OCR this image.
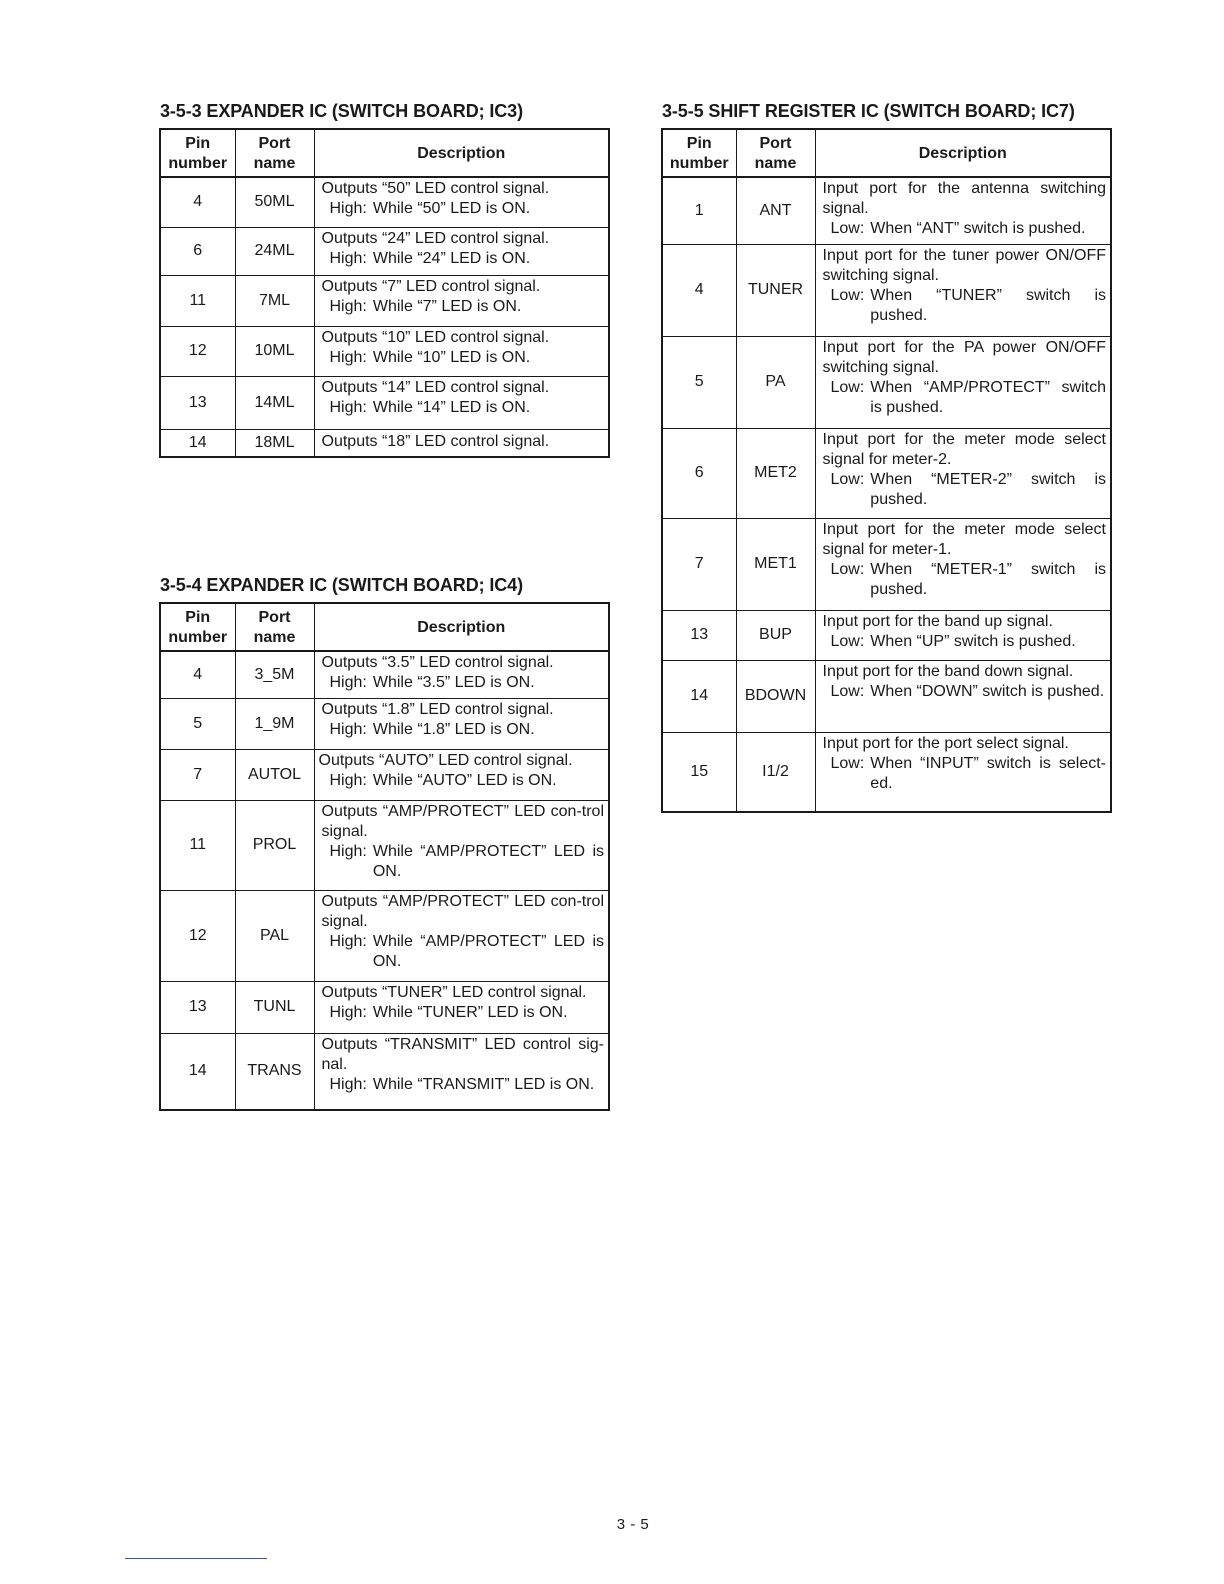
3-5-3 EXPANDER IC (SWITCH BOARD; IC3)
Pin
number	Port
name	Description
4	50ML	Outputs “50” LED control signal.
High: While “50” LED is ON.

6	24ML	Outputs “24” LED control signal.
High: While “24” LED is ON.

11	7ML	Outputs “7” LED control signal.
High: While “7” LED is ON.

12	10ML	Outputs “10” LED control signal.
High: While “10” LED is ON.

13	14ML	Outputs “14” LED control signal.
High: While “14” LED is ON.

14	18ML	Outputs “18” LED control signal.
3-5-4 EXPANDER IC (SWITCH BOARD; IC4)
Pin
number	Port
name	Description
4	3_5M	Outputs “3.5” LED control signal.
High: While “3.5” LED is ON.

5	1_9M	Outputs “1.8” LED control signal.
High: While “1.8” LED is ON.

7	AUTOL	Outputs “AUTO” LED control signal.
High: While “AUTO” LED is ON.

11	PROL	Outputs “AMP/PROTECT” LED con-trol signal.
High: While “AMP/PROTECT” LED is ON.

12	PAL	Outputs “AMP/PROTECT” LED con-trol signal.
High: While “AMP/PROTECT” LED is ON.

13	TUNL	Outputs “TUNER” LED control signal.
High: While “TUNER” LED is ON.

14	TRANS	Outputs “TRANSMIT” LED control sig-nal.
High: While “TRANSMIT” LED is ON.
3-5-5 SHIFT REGISTER IC (SWITCH BOARD; IC7)
Pin
number	Port
name	Description
1	ANT	Input port for the antenna switching signal.
Low: When “ANT” switch is pushed.

4	TUNER	Input port for the tuner power ON/OFF switching signal.
Low: When “TUNER” switch is pushed.

5	PA	Input port for the PA power ON/OFF switching signal.
Low: When “AMP/PROTECT” switch is pushed.

6	MET2	Input port for the meter mode select signal for meter-2.
Low: When “METER-2” switch is pushed.

7	MET1	Input port for the meter mode select signal for meter-1.
Low: When “METER-1” switch is pushed.

13	BUP	Input port for the band up signal.
Low: When “UP” switch is pushed.

14	BDOWN	Input port for the band down signal.
Low: When “DOWN” switch is pushed.

15	I1/2	Input port for the port select signal.
Low: When “INPUT” switch is select-ed.
3 - 5
